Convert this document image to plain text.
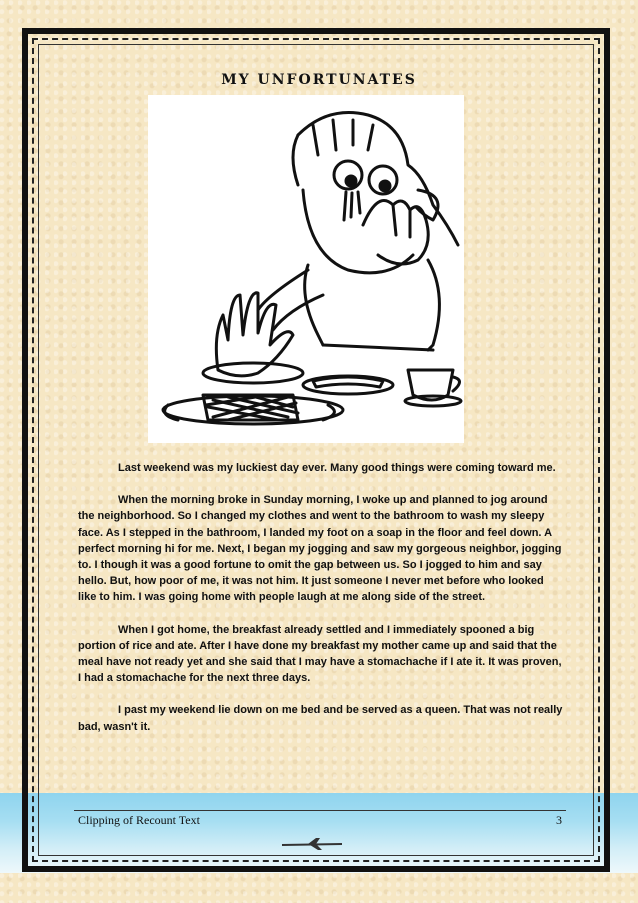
MY UNFORTUNATES

Last weekend was my luckiest day ever. Many good things were coming toward me.

When the morning broke in Sunday morning, I woke up and planned to jog around the neighborhood. So I changed my clothes and went to the bathroom to wash my sleepy face. As I stepped in the bathroom, I landed my foot on a soap in the floor and feel down. A perfect morning hi for me. Next, I began my jogging and saw my gorgeous neighbor, jogging to. I though it was a good fortune to omit the gap between us. So I jogged to him and say hello. But, how poor of me, it was not him. It just someone I never met before who looked like to him. I was going home with people laugh at me along side of the street.

When I got home, the breakfast already settled and I immediately spooned a big portion of rice and ate. After I have done my breakfast my mother came up and said that the meal have not ready yet and she said that I may have a stomachache if I ate it. It was proven, I had a stomachache for the next three days.

I past my weekend lie down on me bed and be served as a queen. That was not really bad, wasn't it.

Clipping of Recount Text	3
